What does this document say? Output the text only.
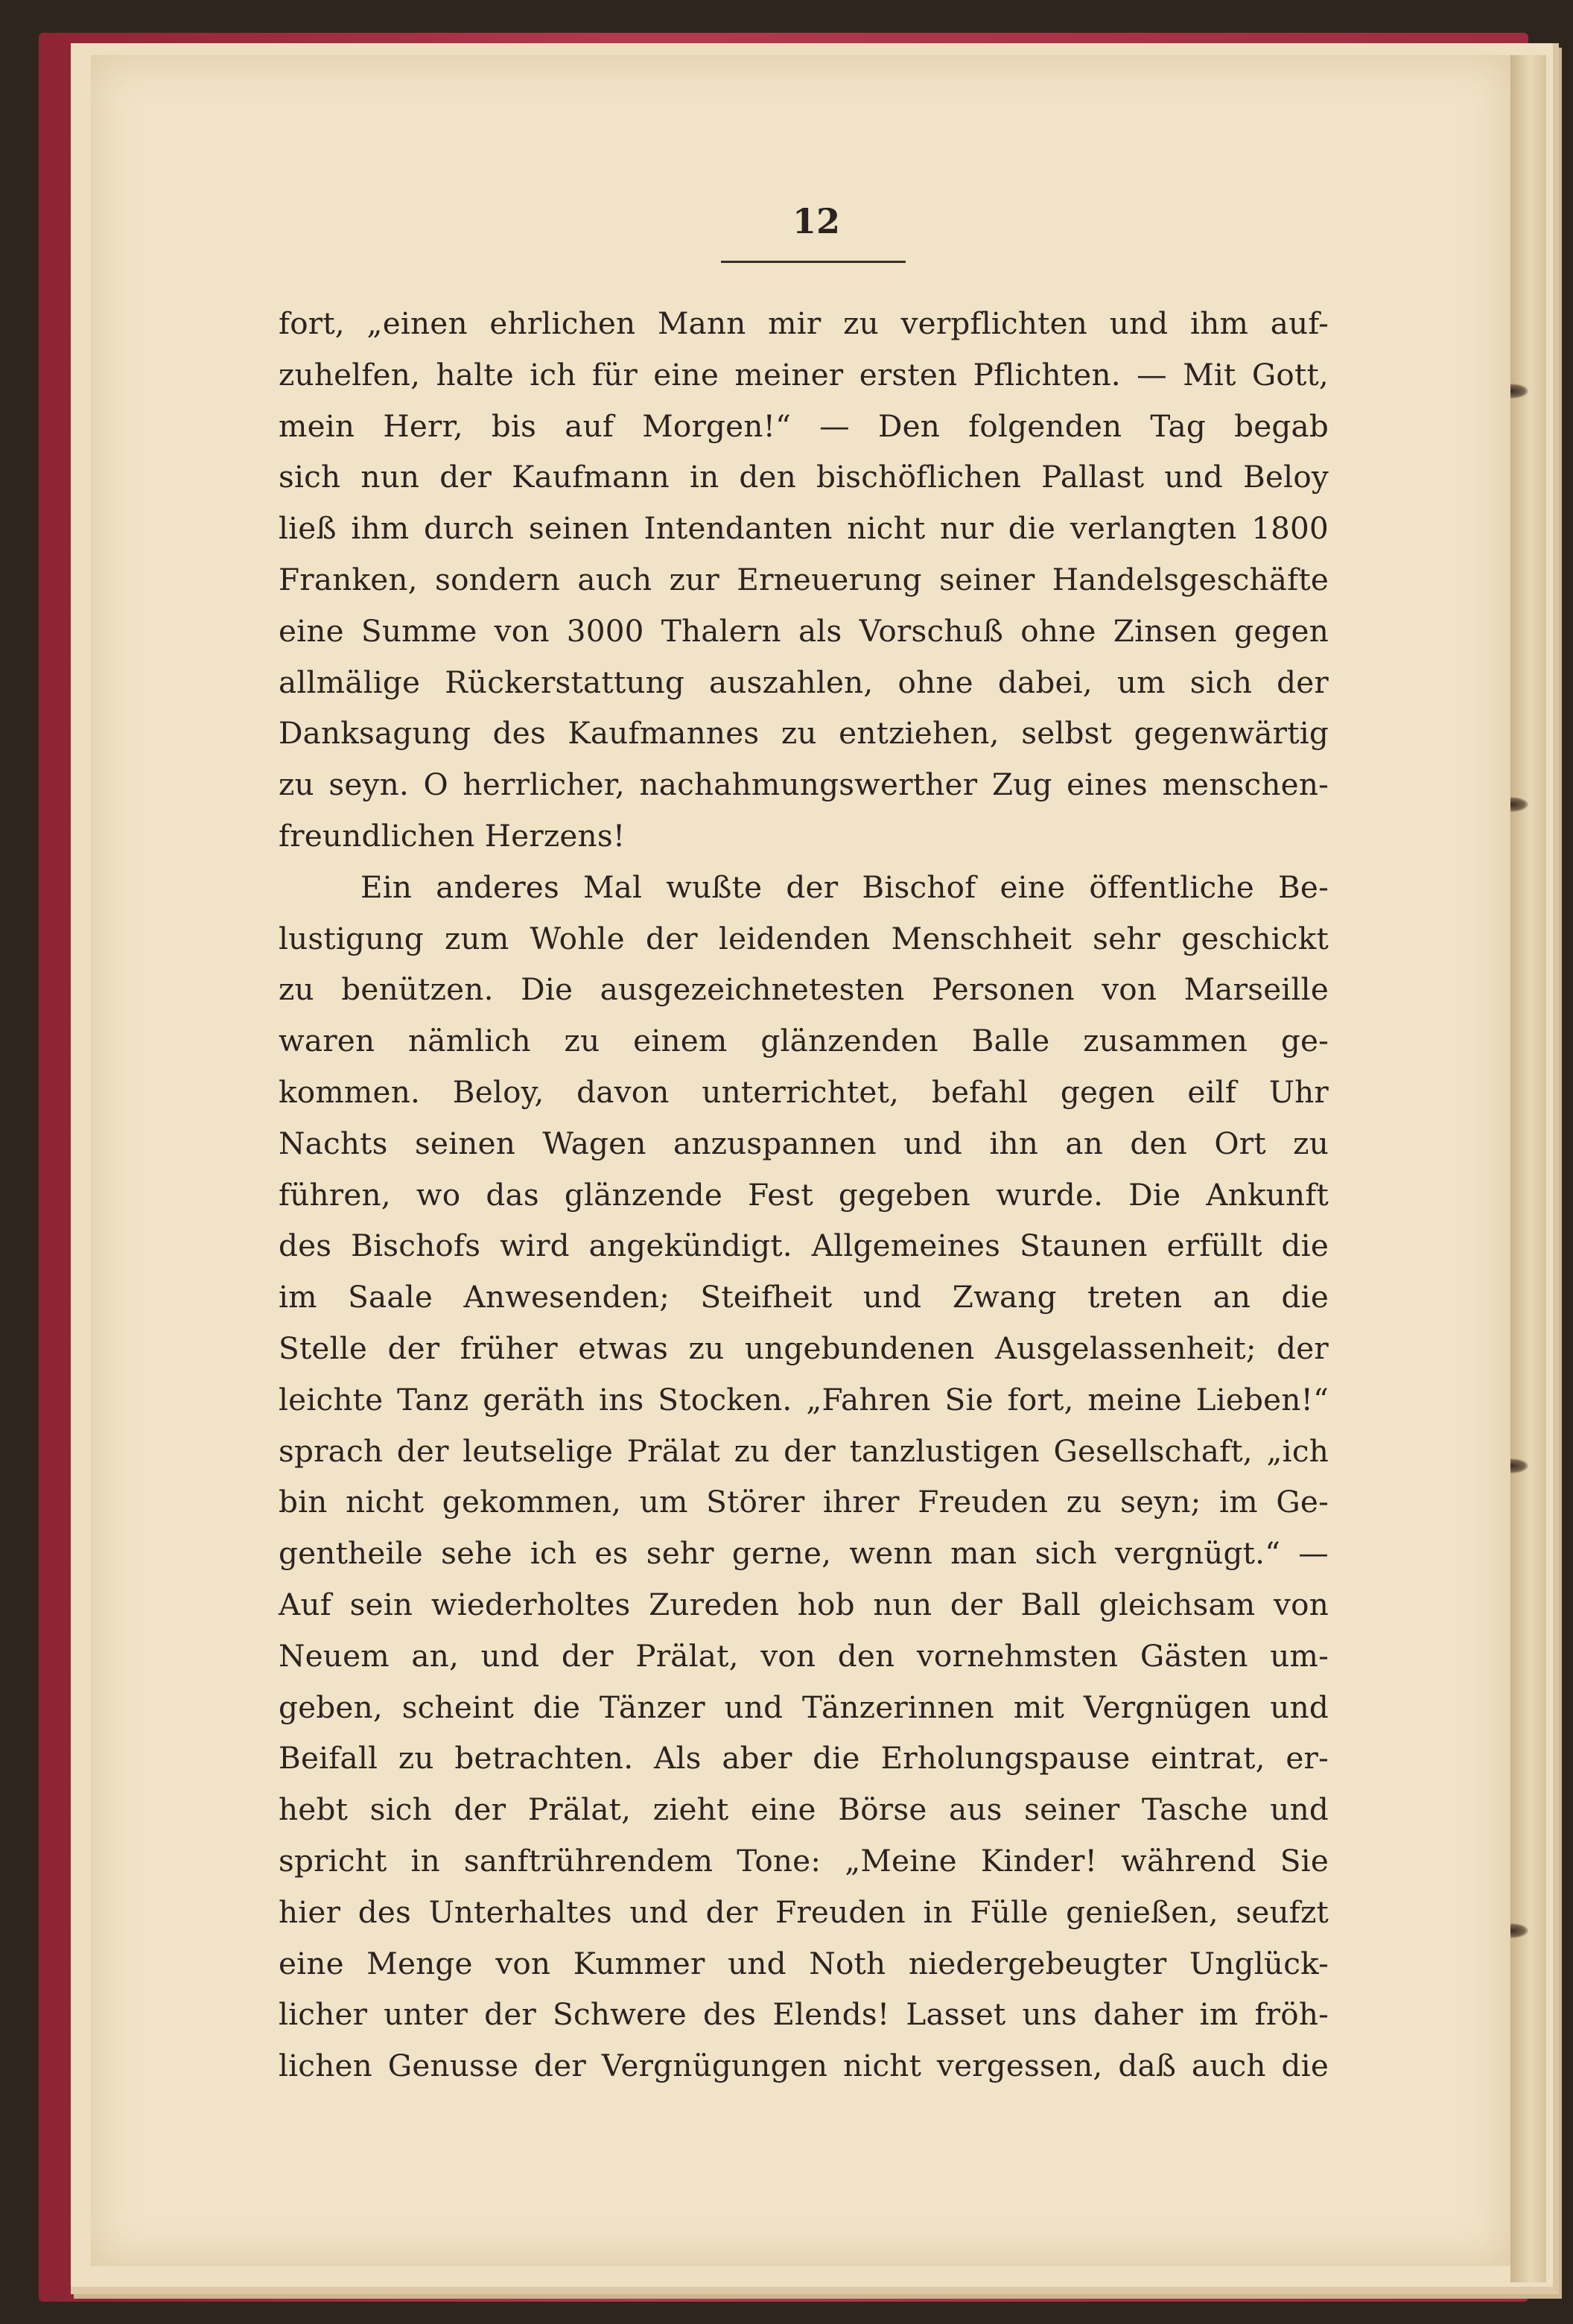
12
fort, „einen ehrlichen Mann mir zu verpflichten und ihm auf-
zuhelfen, halte ich für eine meiner ersten Pflichten. — Mit Gott,
mein Herr, bis auf Morgen!“ — Den folgenden Tag begab
sich nun der Kaufmann in den bischöflichen Pallast und Beloy
ließ ihm durch seinen Intendanten nicht nur die verlangten 1800
Franken, sondern auch zur Erneuerung seiner Handelsgeschäfte
eine Summe von 3000 Thalern als Vorschuß ohne Zinsen gegen
allmälige Rückerstattung auszahlen, ohne dabei, um sich der
Danksagung des Kaufmannes zu entziehen, selbst gegenwärtig
zu seyn. O herrlicher, nachahmungswerther Zug eines menschen-
freundlichen Herzens!
Ein anderes Mal wußte der Bischof eine öffentliche Be-
lustigung zum Wohle der leidenden Menschheit sehr geschickt
zu benützen. Die ausgezeichnetesten Personen von Marseille
waren nämlich zu einem glänzenden Balle zusammen ge-
kommen. Beloy, davon unterrichtet, befahl gegen eilf Uhr
Nachts seinen Wagen anzuspannen und ihn an den Ort zu
führen, wo das glänzende Fest gegeben wurde. Die Ankunft
des Bischofs wird angekündigt. Allgemeines Staunen erfüllt die
im Saale Anwesenden; Steifheit und Zwang treten an die
Stelle der früher etwas zu ungebundenen Ausgelassenheit; der
leichte Tanz geräth ins Stocken. „Fahren Sie fort, meine Lieben!“
sprach der leutselige Prälat zu der tanzlustigen Gesellschaft, „ich
bin nicht gekommen, um Störer ihrer Freuden zu seyn; im Ge-
gentheile sehe ich es sehr gerne, wenn man sich vergnügt.“ —
Auf sein wiederholtes Zureden hob nun der Ball gleichsam von
Neuem an, und der Prälat, von den vornehmsten Gästen um-
geben, scheint die Tänzer und Tänzerinnen mit Vergnügen und
Beifall zu betrachten. Als aber die Erholungspause eintrat, er-
hebt sich der Prälat, zieht eine Börse aus seiner Tasche und
spricht in sanftrührendem Tone: „Meine Kinder! während Sie
hier des Unterhaltes und der Freuden in Fülle genießen, seufzt
eine Menge von Kummer und Noth niedergebeugter Unglück-
licher unter der Schwere des Elends! Lasset uns daher im fröh-
lichen Genusse der Vergnügungen nicht vergessen, daß auch die
